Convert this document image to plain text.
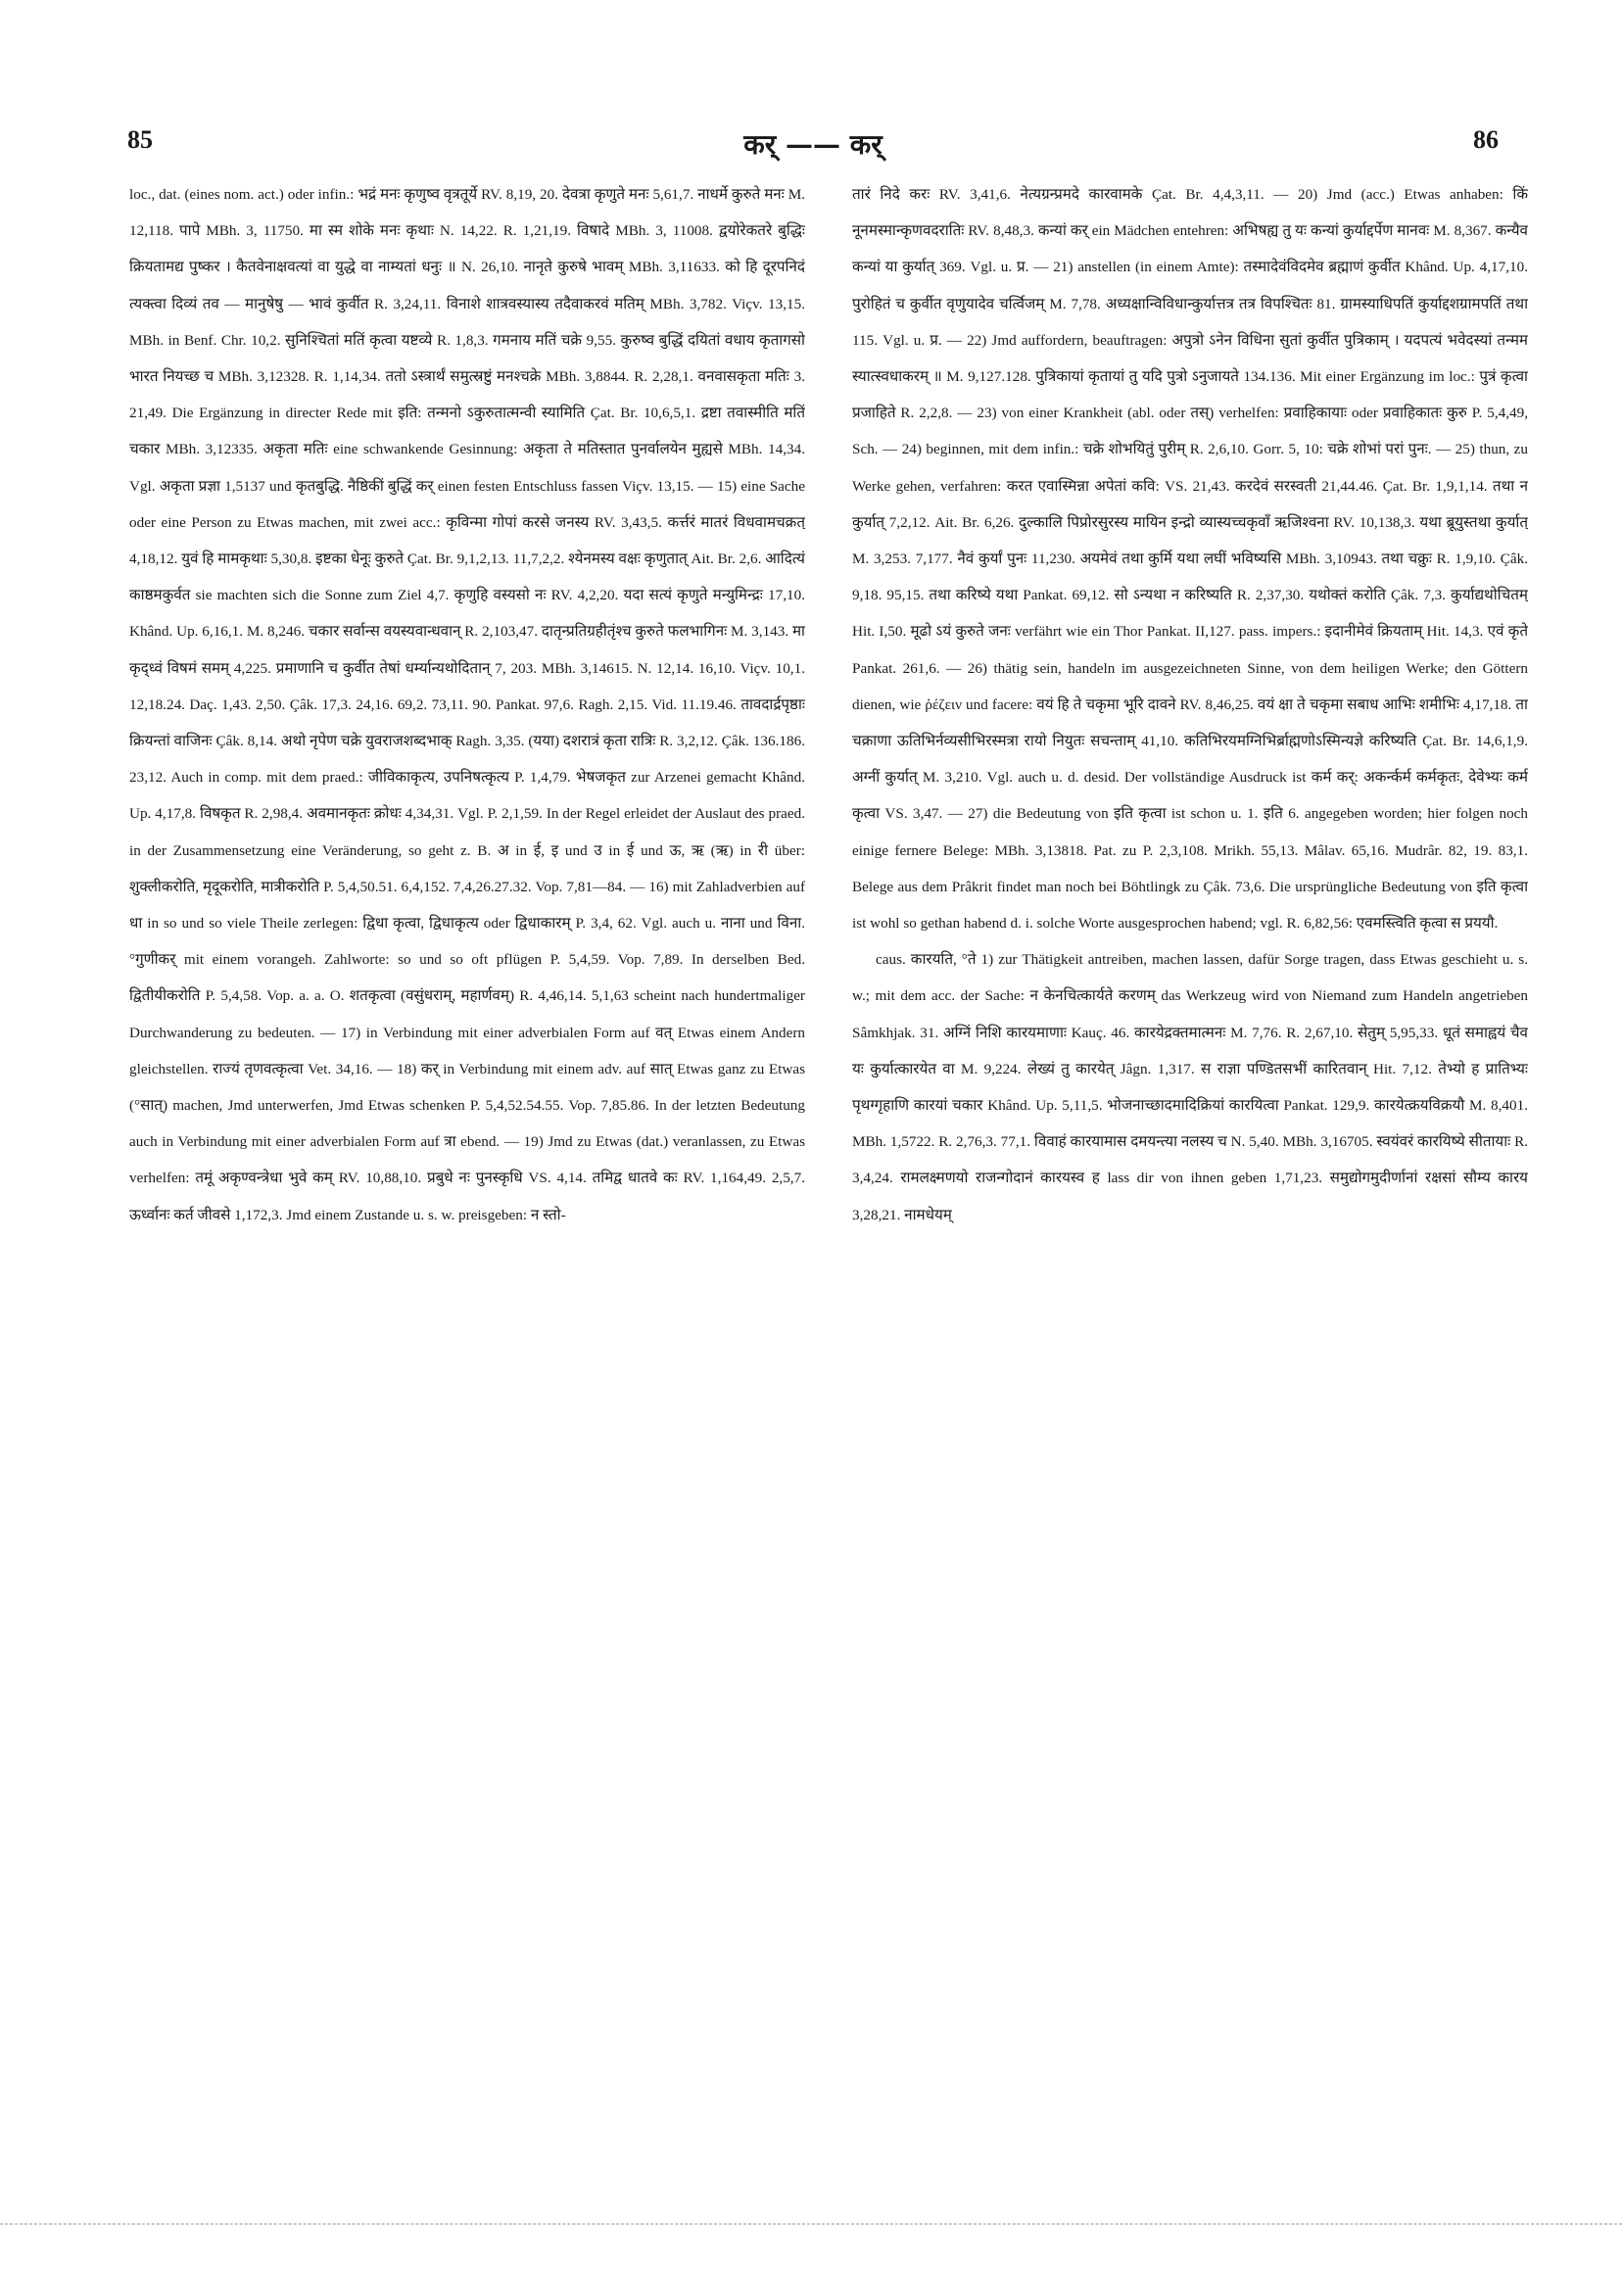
85	कर् —— कर्	86

loc., dat. (eines nom. act.) oder infin.: भद्रं मनः कृणुष्व वृत्रतूर्ये RV. 8,19, 20. देवत्रा कृणुते मनः 5,61,7. नाधर्मे कुरुते मनः M. 12,118. पापे MBh. 3, 11750. मा स्म शोके मनः कृथाः N. 14,22. R. 1,21,19. विषादे MBh. 3, 11008. द्वयोरेकतरे बुद्धिः क्रियतामद्य पुष्कर । कैतवेनाक्षवत्यां वा युद्धे वा नाम्यतां धनुः ॥ N. 26,10. नानृते कुरुषे भावम् MBh. 3,11633. को हि दूरपनिदं त्यक्त्वा दिव्यं तव — मानुषेषु — भावं कुर्वीत R. 3,24,11. विनाशे शात्रवस्यास्य तदैवाकरवं मतिम् MBh. 3,782. Viçv. 13,15. MBh. in Benf. Chr. 10,2. सुनिश्चितां मतिं कृत्वा यष्टव्ये R. 1,8,3. गमनाय मतिं चक्रे 9,55. कुरुष्व बुद्धिं दयितां वधाय कृतागसो भारत नियच्छ च MBh. 3,12328. R. 1,14,34. ततो ऽस्त्रार्थं समुत्स्रष्टुं मनश्चक्रे MBh. 3,8844. R. 2,28,1. वनवासकृता मतिः 3. 21,49. Die Ergänzung in directer Rede mit इति: तन्मनो ऽकुरुतात्मन्वी स्यामिति Çat. Br. 10,6,5,1. द्रष्टा तवास्मीति मतिं चकार MBh. 3,12335. अकृता मतिः eine schwankende Gesinnung: अकृता ते मतिस्तात पुनर्वालयेन मुह्यसे MBh. 14,34. Vgl. अकृता प्रज्ञा 1,5137 und कृतबुद्धि. नैष्ठिकीं बुद्धिं कर् einen festen Entschluss fassen Viçv. 13,15. — 15) eine Sache oder eine Person zu Etwas machen, mit zwei acc.: कृविन्मा गोपां करसे जनस्य RV. 3,43,5. कर्त्तरं मातरं विधवामचक्रत् 4,18,12. युवं हि मामकृथाः 5,30,8. इष्टका धेनूः कुरुते Çat. Br. 9,1,2,13. 11,7,2,2. श्येनमस्य वक्षः कृणुतात् Ait. Br. 2,6. आदित्यं काष्ठमकुर्वत sie machten sich die Sonne zum Ziel 4,7. कृणुहि वस्यसो नः RV. 4,2,20. यदा सत्यं कृणुते मन्युमिन्द्रः 17,10. Khând. Up. 6,16,1. M. 8,246. चकार सर्वान्स वयस्यवान्धवान् R. 2,103,47. दातृन्प्रतिग्रहीतृंश्च कुरुते फलभागिनः M. 3,143. मा कृद्ध्वं विषमं समम् 4,225. प्रमाणानि च कुर्वीत तेषां धर्म्यान्यथोदितान् 7, 203. MBh. 3,14615. N. 12,14. 16,10. Viçv. 10,1. 12,18.24. Daç. 1,43. 2,50. Çâk. 17,3. 24,16. 69,2. 73,11. 90. Pankat. 97,6. Ragh. 2,15. Vid. 11.19.46. तावदार्द्रपृष्ठाः क्रियन्तां वाजिनः Çâk. 8,14. अथो नृपेण चक्रे युवराजशब्दभाक् Ragh. 3,35. (यया) दशरात्रं कृता रात्रिः R. 3,2,12. Çâk. 136.186. 23,12. Auch in comp. mit dem praed.: जीविकाकृत्य, उपनिषत्कृत्य P. 1,4,79. भेषजकृत zur Arzenei gemacht Khând. Up. 4,17,8. विषकृत R. 2,98,4. अवमानकृतः क्रोधः 4,34,31. Vgl. P. 2,1,59. In der Regel erleidet der Auslaut des praed. in der Zusammensetzung eine Veränderung, so geht z. B. अ in ई, इ und उ in ई und ऊ, ऋ (ऋ) in री über: शुक्लीकरोति, मृदूकरोति, मात्रीकरोति P. 5,4,50.51. 6,4,152. 7,4,26.27.32. Vop. 7,81—84. — 16) mit Zahladverbien auf धा in so und so viele Theile zerlegen: द्विधा कृत्वा, द्विधाकृत्य oder द्विधाकारम् P. 3,4, 62. Vgl. auch u. नाना und विना. °गुणीकर् mit einem vorangeh. Zahlworte: so und so oft pflügen P. 5,4,59. Vop. 7,89. In derselben Bed. द्वितीयीकरोति P. 5,4,58. Vop. a. a. O. शतकृत्वा (वसुंधराम्, महार्णवम्) R. 4,46,14. 5,1,63 scheint nach hundertmaliger Durchwanderung zu bedeuten. — 17) in Verbindung mit einer adverbialen Form auf वत् Etwas einem Andern gleichstellen. राज्यं तृणवत्कृत्वा Vet. 34,16. — 18) कर् in Verbindung mit einem adv. auf सात् Etwas ganz zu Etwas (°सात्) machen, Jmd unterwerfen, Jmd Etwas schenken P. 5,4,52.54.55. Vop. 7,85.86. In der letzten Bedeutung auch in Verbindung mit einer adverbialen Form auf त्रा ebend. — 19) Jmd zu Etwas (dat.) veranlassen, zu Etwas verhelfen: तमूं अकृण्वन्त्रेधा भुवे कम् RV. 10,88,10. प्रबुधे नः पुनस्कृधि VS. 4,14. तमिद्व धातवे कः RV. 1,164,49. 2,5,7. ऊर्ध्वानः कर्त जीवसे 1,172,3. Jmd einem Zustande u. s. w. preisgeben: न स्तो-

तारं निदे करः RV. 3,41,6. नेत्यग्रन्प्रमदे कारवामके Çat. Br. 4,4,3,11. — 20) Jmd (acc.) Etwas anhaben: किं नूनमस्मान्कृणवदरातिः RV. 8,48,3. कन्यां कर् ein Mädchen entehren: अभिषह्य तु यः कन्यां कुर्याद्दर्पेण मानवः M. 8,367. कन्यैव कन्यां या कुर्यात् 369. Vgl. u. प्र. — 21) anstellen (in einem Amte): तस्मादेवंविदमेव ब्रह्माणं कुर्वीत Khând. Up. 4,17,10. पुरोहितं च कुर्वीत वृणुयादेव चर्त्विजम् M. 7,78. अध्यक्षान्विविधान्कुर्यात्तत्र तत्र विपश्चितः 81. ग्रामस्याधिपतिं कुर्याद्दशग्रामपतिं तथा 115. Vgl. u. प्र. — 22) Jmd auffordern, beauftragen: अपुत्रो ऽनेन विधिना सुतां कुर्वीत पुत्रिकाम् । यदपत्यं भवेदस्यां तन्मम स्यात्स्वधाकरम् ॥ M. 9,127.128. पुत्रिकायां कृतायां तु यदि पुत्रो ऽनुजायते 134.136. Mit einer Ergänzung im loc.: पुत्रं कृत्वा प्रजाहिते R. 2,2,8. — 23) von einer Krankheit (abl. oder तस्) verhelfen: प्रवाहिकायाः oder प्रवाहिकातः कुरु P. 5,4,49, Sch. — 24) beginnen, mit dem infin.: चक्रे शोभयितुं पुरीम् R. 2,6,10. Gorr. 5, 10: चक्रे शोभां परां पुनः. — 25) thun, zu Werke gehen, verfahren: करत एवास्मिन्ना अपेतां कवि: VS. 21,43. करदेवं सरस्वती 21,44.46. Çat. Br. 1,9,1,14. तथा न कुर्यात् 7,2,12. Ait. Br. 6,26. दुल्कालि पिप्रोरसुरस्य मायिन इन्द्रो व्यास्यच्चकृवाँ ऋजिश्वना RV. 10,138,3. यथा ब्रूयुस्तथा कुर्यात् M. 3,253. 7,177. नैवं कुर्यां पुनः 11,230. अयमेवं तथा कुर्मि यथा लघीं भविष्यसि MBh. 3,10943. तथा चक्रुः R. 1,9,10. Çâk. 9,18. 95,15. तथा करिष्ये यथा Pankat. 69,12. सो ऽन्यथा न करिष्यति R. 2,37,30. यथोक्तं करोति Çâk. 7,3. कुर्याद्यथोचितम् Hit. I,50. मूढो ऽयं कुरुते जनः verfährt wie ein Thor Pankat. II,127. pass. impers.: इदानीमेवं क्रियताम् Hit. 14,3. एवं कृते Pankat. 261,6. — 26) thätig sein, handeln im ausgezeichneten Sinne, von dem heiligen Werke; den Göttern dienen, wie ῥέζειν und facere: वयं हि ते चकृमा भूरि दावने RV. 8,46,25. वयं क्षा ते चकृमा सबाध आभिः शमीभिः 4,17,18. ता चक्राणा ऊतिभिर्नव्यसीभिरस्मत्रा रायो नियुतः सचन्ताम् 41,10. कतिभिरयमग्निभिर्ब्राह्मणोऽस्मिन्यज्ञे करिष्यति Çat. Br. 14,6,1,9. अग्नीं कुर्यात् M. 3,210. Vgl. auch u. d. desid. Der vollständige Ausdruck ist कर्म कर्: अकर्न्कर्म कर्मकृतः, देवेभ्यः कर्म कृत्वा VS. 3,47. — 27) die Bedeutung von इति कृत्वा ist schon u. 1. इति 6. angegeben worden; hier folgen noch einige fernere Belege: MBh. 3,13818. Pat. zu P. 2,3,108. Mrikh. 55,13. Mâlav. 65,16. Mudrâr. 82, 19. 83,1. Belege aus dem Prâkrit findet man noch bei Böhtlingk zu Çâk. 73,6. Die ursprüngliche Bedeutung von इति कृत्वा ist wohl so gethan habend d. i. solche Worte ausgesprochen habend; vgl. R. 6,82,56: एवमस्त्विति कृत्वा स प्रययौ.

caus. कारयति, °ते 1) zur Thätigkeit antreiben, machen lassen, dafür Sorge tragen, dass Etwas geschieht u. s. w.; mit dem acc. der Sache: न केनचित्कार्यते करणम् das Werkzeug wird von Niemand zum Handeln angetrieben Sâmkhjak. 31. अग्निं निशि कारयमाणाः Kauç. 46. कारयेद्रक्तमात्मनः M. 7,76. R. 2,67,10. सेतुम् 5,95,33. धूतं समाह्वयं चैव यः कुर्यात्कारयेत वा M. 9,224. लेख्यं तु कारयेत् Jâgn. 1,317. स राज्ञा पण्डितसभीं कारितवान् Hit. 7,12. तेभ्यो ह प्रातिभ्यः पृथग्गृहाणि कारयां चकार Khând. Up. 5,11,5. भोजनाच्छादमादिक्रियां कारयित्वा Pankat. 129,9. कारयेत्क्रयविक्रयौ M. 8,401. MBh. 1,5722. R. 2,76,3. 77,1. विवाहं कारयामास दमयन्त्या नलस्य च N. 5,40. MBh. 3,16705. स्वयंवरं कारयिष्ये सीतायाः R. 3,4,24. रामलक्ष्मणयो राजन्गोदानं कारयस्व ह lass dir von ihnen geben 1,71,23. समुद्योगमुदीर्णानां रक्षसां सौम्य कारय 3,28,21. नामधेयम्
